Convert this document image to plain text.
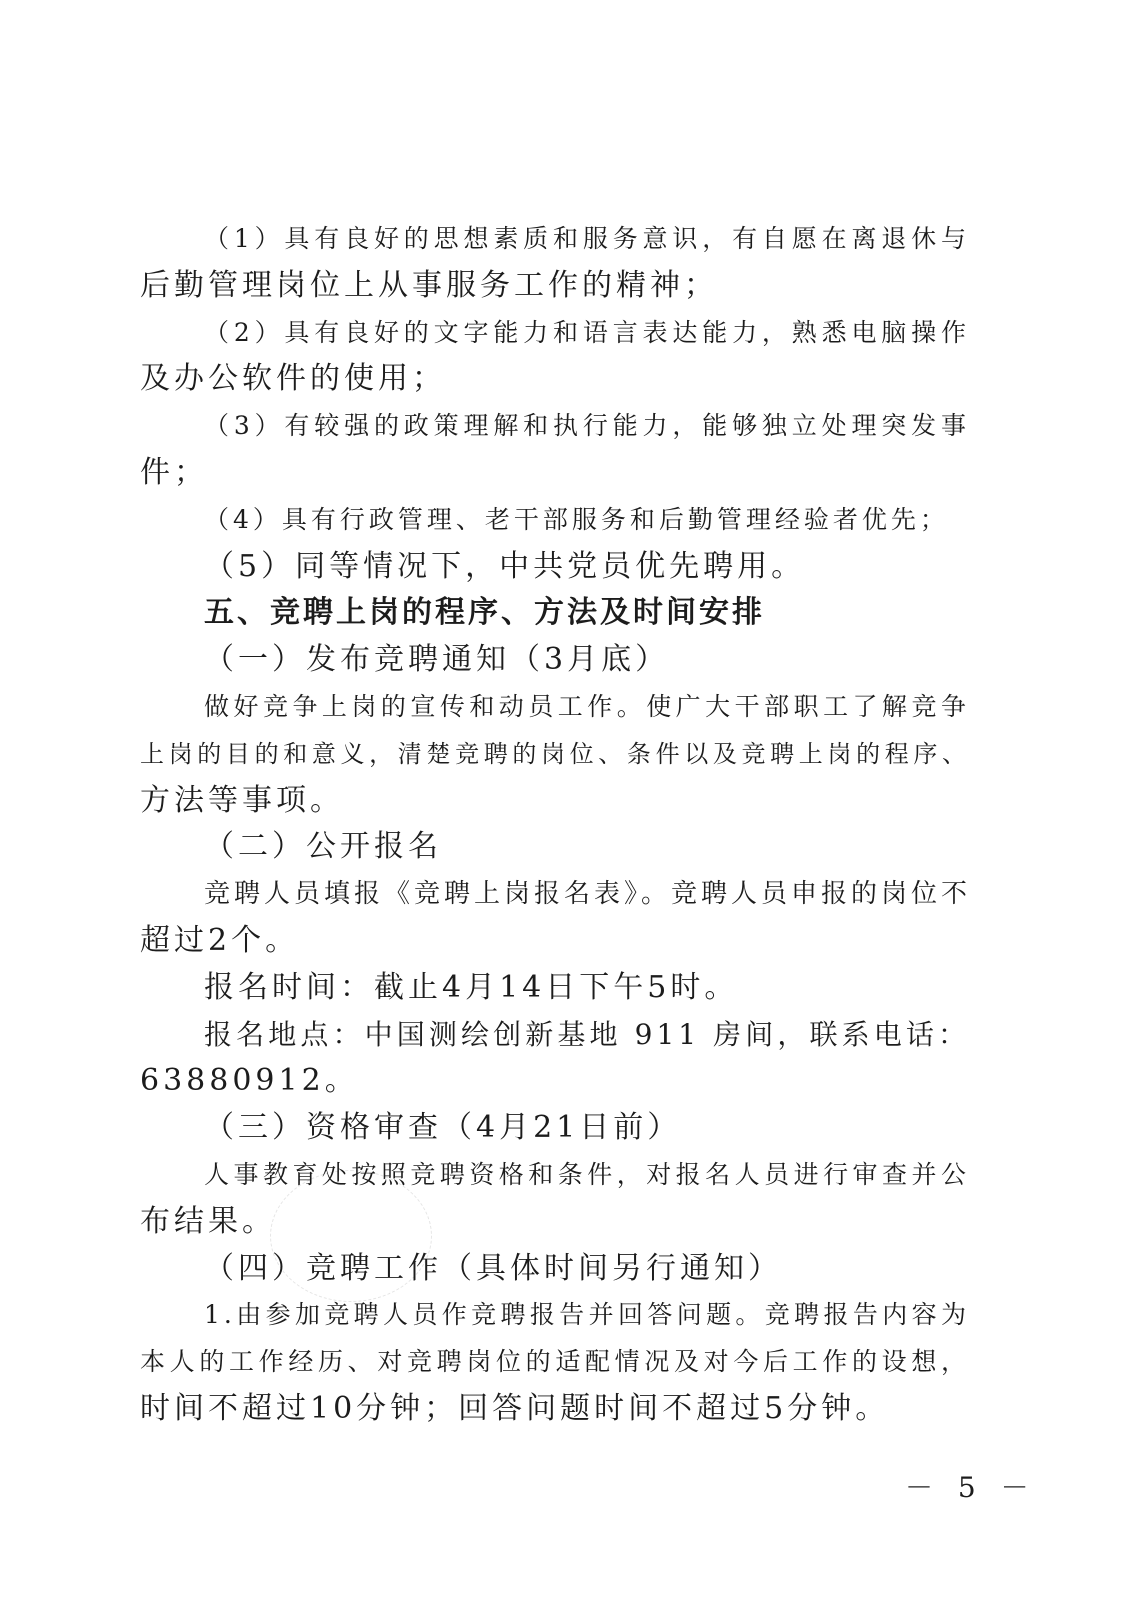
（1）具有良好的思想素质和服务意识，有自愿在离退休与
后勤管理岗位上从事服务工作的精神；
（2）具有良好的文字能力和语言表达能力，熟悉电脑操作
及办公软件的使用；
（3）有较强的政策理解和执行能力，能够独立处理突发事
件；
（4）具有行政管理、老干部服务和后勤管理经验者优先；
（5）同等情况下，中共党员优先聘用。
五、竞聘上岗的程序、方法及时间安排
（一）发布竞聘通知（3月底）
做好竞争上岗的宣传和动员工作。使广大干部职工了解竞争
上岗的目的和意义，清楚竞聘的岗位、条件以及竞聘上岗的程序、
方法等事项。
（二）公开报名
竞聘人员填报《竞聘上岗报名表》。竞聘人员申报的岗位不
超过2个。
报名时间：截止4月14日下午5时。
报名地点：中国测绘创新基地 911 房间，联系电话：
63880912。
（三）资格审查（4月21日前）
人事教育处按照竞聘资格和条件，对报名人员进行审查并公
布结果。
（四）竞聘工作（具体时间另行通知）
1.由参加竞聘人员作竞聘报告并回答问题。竞聘报告内容为
本人的工作经历、对竞聘岗位的适配情况及对今后工作的设想，
时间不超过10分钟；回答问题时间不超过5分钟。
－ 5 －
